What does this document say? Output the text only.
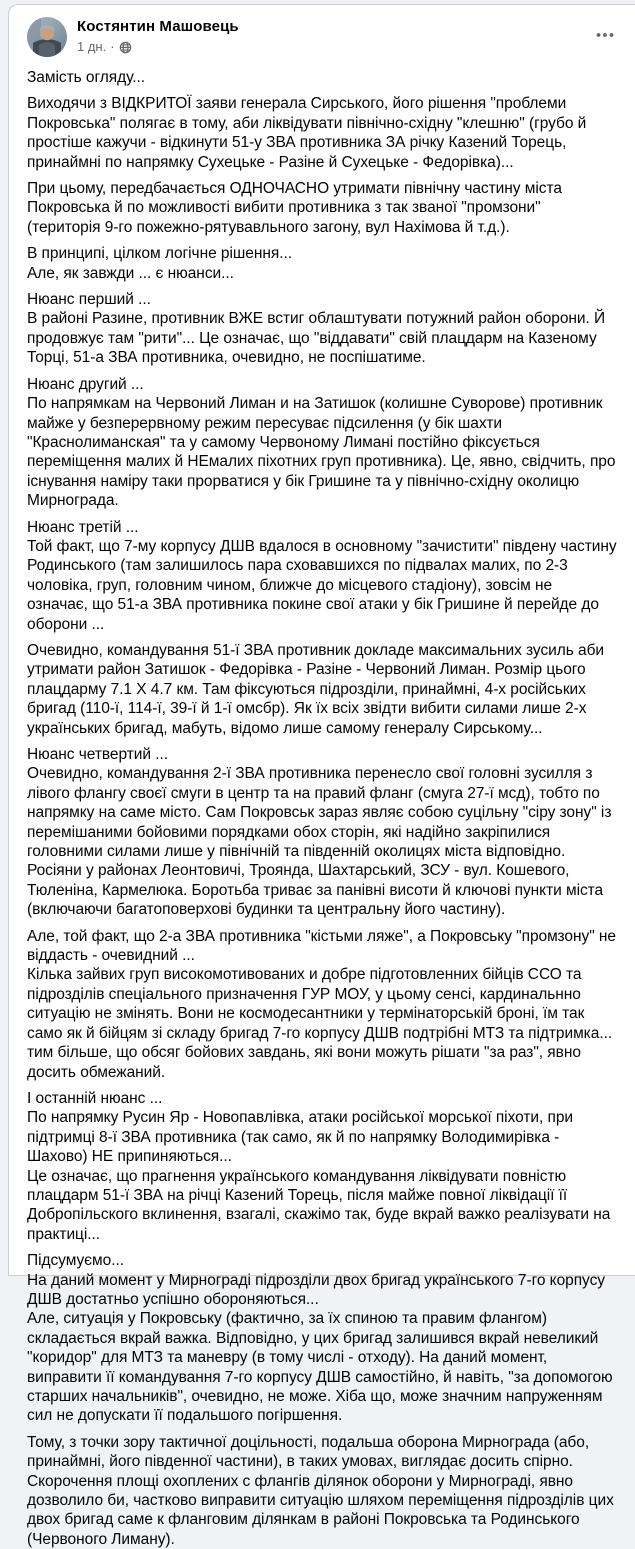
Костянтин Машовець
1 дн. ·

Замість огляду...

Виходячи з ВІДКРИТОЇ заяви генерала Сирського, його рішення "проблеми Покровська" полягає в тому, аби ліквідувати північно-східну "клешню" (грубо й простіше кажучи - відкинути 51-у ЗВА противника ЗА річку Казений Торець, принаймні по напрямку Сухецьке - Разіне й Сухецьке - Федорівка)...

При цьому, передбачається ОДНОЧАСНО утримати північну частину міста Покровська й по можливості вибити противника з так званої "промзони" (територія 9-го пожежно-рятувавльного загону, вул Нахімова й т.д.).

В принципі, цілком логічне рішення...
Але, як завжди ... є нюанси...

Нюанс перший ...
В районі Разине, противник ВЖЕ встиг облаштувати потужний район оборони. Й продовжує там "рити"... Це означає, що "віддавати" свій плацдарм на Казеному Торці, 51-а ЗВА противника, очевидно, не поспішатиме.

Нюанс другий ...
По напрямкам на Червоний Лиман и на Затишок (колишне Суворове) противник майже у безперервному режим пересуває підсилення (у бік шахти "Краснолиманская" та у самому Червоному Лимані постійно фіксується переміщення малих й НЕмалих піхотних груп противника). Це, явно, свідчить, про існування наміру таки прорватися у бік Гришине та у північно-східну околицю Мирнограда.

Нюанс третій ...
Той факт, що 7-му корпусу ДШВ вдалося в основному "зачистити" південу частину Родинського (там залишилось пара сховавшихся по підвалах малих, по 2-3 чоловіка, груп, головним чином, ближче до місцевого стадіону), зовсім не означає, що 51-а ЗВА противника покине свої атаки у бік Гришине й перейде до оборони ...

Очевидно, командування 51-ї ЗВА противник докладе максимальних зусиль аби утримати район Затишок - Федорівка - Разіне - Червоний Лиман. Розмір цього плацдарму 7.1 Х 4.7 км. Там фіксуються підрозділи, принаймні, 4-х російських бригад (110-ї, 114-ї, 39-ї й 1-ї омсбр). Як їх всіх звідти вибити силами лише 2-х українських бригад, мабуть, відомо лише самому генералу Сирському...

Нюанс четвертий ...
Очевидно, командування 2-ї ЗВА противника перенесло свої головні зусилля з лівого флангу своєї смуги в центр та на правий фланг (смуга 27-ї мсд), тобто по напрямку на саме місто. Сам Покровськ зараз являє собою суцільну "сіру зону" із перемішаними бойовими порядками обох сторін, які надійно закріпилися головними силами лише у північній та південній околицях міста відповідно. Росіяни у районах Леонтовичі, Троянда, Шахтарський, ЗСУ - вул. Кошевого, Тюленіна, Кармелюка. Боротьба триває за панівні висоти й ключові пункти міста (включаючи багатоповерхові будинки та центральну його частину).

Але, той факт, що 2-а ЗВА противника "кістьми ляже", а Покровську "промзону" не віддасть - очевидний ...
Кілька зайвих груп високомотивованих и добре підготовленних бійців ССО та підрозділів спеціального призначення ГУР МОУ, у цьому сенсі, кардинальнно ситуацію не змінять. Вони не космодесантники у термінаторській броні, їм так само як й бійцям зі складу бригад 7-го корпусу ДШВ подтрібні МТЗ та підтримка... тим більше, що обсяг бойових завдань, які вони можуть рішати "за раз", явно досить обмежаний.

І останній нюанс ...
По напрямку Русин Яр - Новопавлівка, атаки російської морської піхоти, при підтримці 8-ї ЗВА противника (так само, як й по напрямку Володимирівка - Шахово) НЕ припиняються...
Це означає, що прагнення українського командування ліквідувати повністю плацдарм 51-ї ЗВА на річці Казений Торець, після майже повної ліквідації її Добропільского вклинення, взагалі, скажімо так, буде вкрай важко реалізувати на практиці...

Підсумуємо...
На даний момент у Мирнограді підрозділи двох бригад українського 7-го корпусу ДШВ достатньо успішно обороняються...
Але, ситуація у Покровську (фактично, за їх спиною та правим флангом) складається вкрай важка. Відповідно, у цих бригад залишився вкрай невеликий "коридор" для МТЗ та маневру (в тому числі - отходу). На даний момент, виправити її командування 7-го корпусу ДШВ самостійно, й навіть, "за допомогою старших начальників", очевидно, не може. Хіба що, може значним напруженням сил не допускати її подальшого погіршення.

Тому, з точки зору тактичної доцільності, подальша оборона Мирнограда (або, принаймні, його південної частини), в таких умовах, виглядає досить спірно. Скорочення площі охоплених с флангів ділянок оборони у Мирнограді, явно дозволило би, частково виправити ситуацію шляхом переміщення підрозділів цих двох бригад саме к фланговим ділянкам в районі Покровська та Родинського (Червоного Лиману).
